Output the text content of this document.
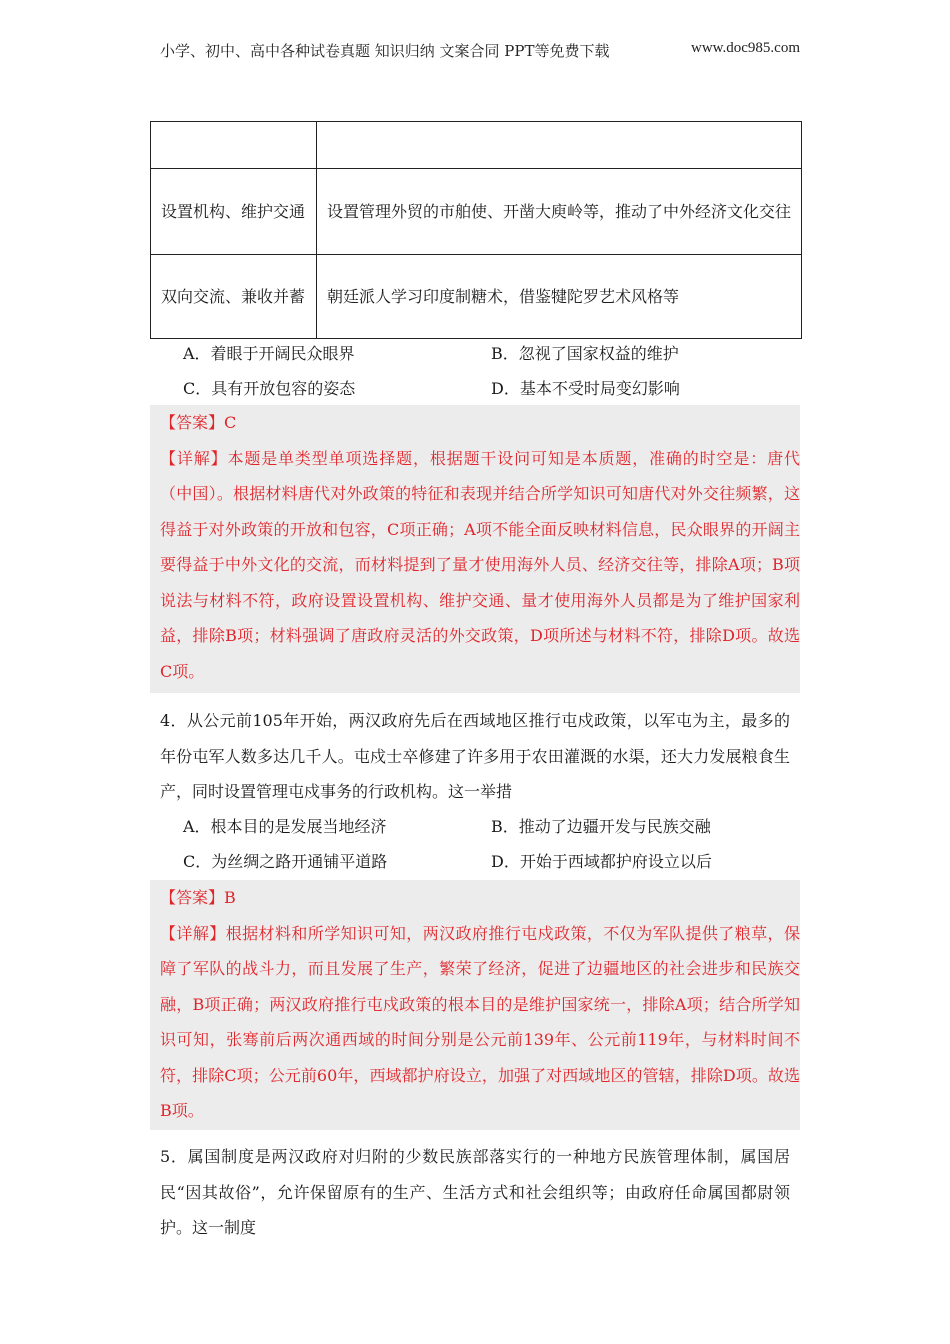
小学、初中、高中各种试卷真题 知识归纳 文案合同 PPT等免费下载	www.doc985.com

设置机构、维护交通	设置管理外贸的市舶使、开凿大庾岭等，推动了中外经济文化交往
双向交流、兼收并蓄	朝廷派人学习印度制糖术，借鉴犍陀罗艺术风格等
A．着眼于开阔民众眼界	B．忽视了国家权益的维护
C．具有开放包容的姿态	D．基本不受时局变幻影响

【答案】C

【详解】本题是单类型单项选择题，根据题干设问可知是本质题，准确的时空是：唐代（中国）。根据材料唐代对外政策的特征和表现并结合所学知识可知唐代对外交往频繁，这得益于对外政策的开放和包容，C项正确；A项不能全面反映材料信息，民众眼界的开阔主要得益于中外文化的交流，而材料提到了量才使用海外人员、经济交往等，排除A项；B项说法与材料不符，政府设置设置机构、维护交通、量才使用海外人员都是为了维护国家利益，排除B项；材料强调了唐政府灵活的外交政策，D项所述与材料不符，排除D项。故选C项。

4．从公元前105年开始，两汉政府先后在西域地区推行屯戍政策，以军屯为主，最多的年份屯军人数多达几千人。屯戍士卒修建了许多用于农田灌溉的水渠，还大力发展粮食生产，同时设置管理屯戍事务的行政机构。这一举措

A．根本目的是发展当地经济	B．推动了边疆开发与民族交融
C．为丝绸之路开通铺平道路	D．开始于西域都护府设立以后

【答案】B

【详解】根据材料和所学知识可知，两汉政府推行屯戍政策，不仅为军队提供了粮草，保障了军队的战斗力，而且发展了生产，繁荣了经济，促进了边疆地区的社会进步和民族交融，B项正确；两汉政府推行屯戍政策的根本目的是维护国家统一，排除A项；结合所学知识可知，张骞前后两次通西域的时间分别是公元前139年、公元前119年，与材料时间不符，排除C项；公元前60年，西域都护府设立，加强了对西域地区的管辖，排除D项。故选B项。

5．属国制度是两汉政府对归附的少数民族部落实行的一种地方民族管理体制，属国居民“因其故俗”，允许保留原有的生产、生活方式和社会组织等；由政府任命属国都尉领护。这一制度
